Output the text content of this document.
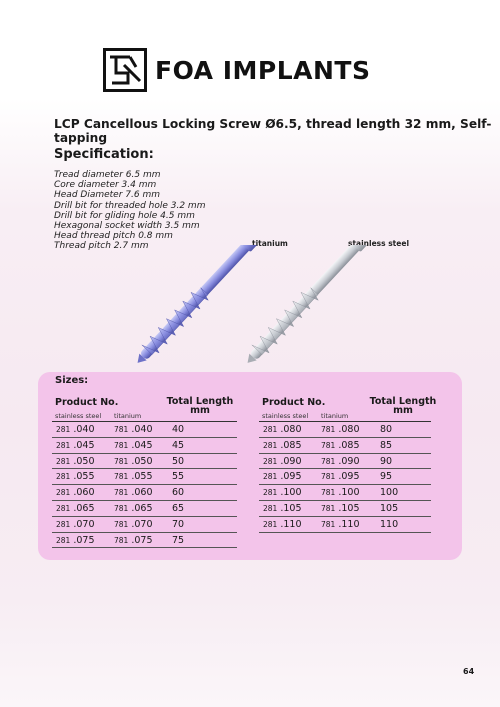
FOA IMPLANTS
LCP Cancellous Locking Screw Ø6.5, thread length 32 mm, Self-tapping
Specification:
Tread diameter 6.5 mm
Core diameter 3.4 mm
Head Diameter 7.6 mm
Drill bit for threaded hole 3.2 mm
Drill bit for gliding hole 4.5 mm
Hexagonal socket width 3.5 mm
Head thread pitch 0.8 mm
Thread pitch 2.7 mm	titanium	stainless steel
Sizes:
Product No.	Total Length
mm
stainless steel titanium
281 .040	781 .040 40
281 .045	781 .045 45
281 .050	781 .050 50
281 .055	781 .055 55
281 .060	781 .060 60
281 .065	781 .065 65
281 .070	781 .070 70
281 .075	781 .075 75
Product No.	Total Length
mm
stainless steel titanium
281 .080	781 .080 80
281 .085	781 .085 85
281 .090	781 .090 90
281 .095	781 .095 95
281 .100	781 .100 100
281 .105	781 .105 105
281 .110	781 .110 110
64
